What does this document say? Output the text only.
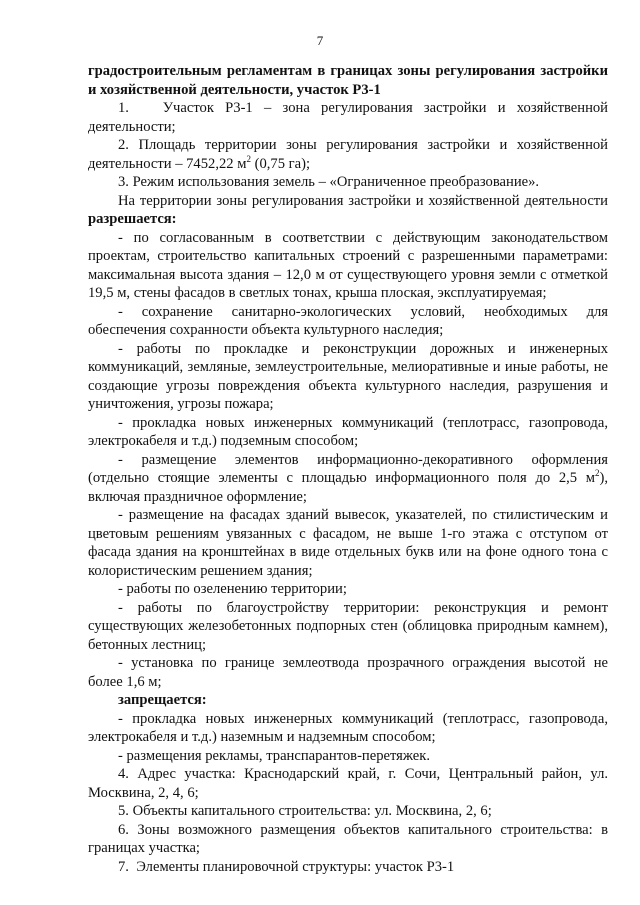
7

градостроительным регламентам в границах зоны регулирования застройки и хозяйственной деятельности, участок Р3-1

1.   Участок Р3-1 – зона регулирования застройки и хозяйственной деятельности;

2. Площадь территории зоны регулирования застройки и хозяйственной деятельности – 7452,22 $м^2$ (0,75 га);

3. Режим использования земель – «Ограниченное преобразование».

На территории зоны регулирования застройки и хозяйственной деятельности разрешается:

- по согласованным в соответствии с действующим законодательством проектам, строительство капитальных строений с разрешенными параметрами: максимальная высота здания – 12,0 м от существующего уровня земли с отметкой 19,5 м, стены фасадов в светлых тонах, крыша плоская, эксплуатируемая;

- сохранение санитарно-экологических условий, необходимых для обеспечения сохранности объекта культурного наследия;

- работы по прокладке и реконструкции дорожных и инженерных коммуникаций, земляные, землеустроительные, мелиоративные и иные работы, не создающие угрозы повреждения объекта культурного наследия, разрушения и уничтожения, угрозы пожара;

- прокладка новых инженерных коммуникаций (теплотрасс, газопровода, электрокабеля и т.д.) подземным способом;

- размещение элементов информационно-декоративного оформления (отдельно стоящие элементы с площадью информационного поля до 2,5 $м^2$), включая праздничное оформление;

- размещение на фасадах зданий вывесок, указателей, по стилистическим и цветовым решениям увязанных с фасадом, не выше 1-го этажа с отступом от фасада здания на кронштейнах в виде отдельных букв или на фоне одного тона с колористическим решением здания;

- работы по озеленению территории;

- работы по благоустройству территории: реконструкция и ремонт существующих железобетонных подпорных стен (облицовка природным камнем), бетонных лестниц;

- установка по границе землеотвода прозрачного ограждения высотой не более 1,6 м;

запрещается:

- прокладка новых инженерных коммуникаций (теплотрасс, газопровода, электрокабеля и т.д.) наземным и надземным способом;

- размещения рекламы, транспарантов-перетяжек.

4. Адрес участка: Краснодарский край, г. Сочи, Центральный район, ул. Москвина, 2, 4, 6;

5. Объекты капитального строительства: ул. Москвина, 2, 6;

6. Зоны возможного размещения объектов капитального строительства: в границах участка;

7.  Элементы планировочной структуры: участок Р3-1
